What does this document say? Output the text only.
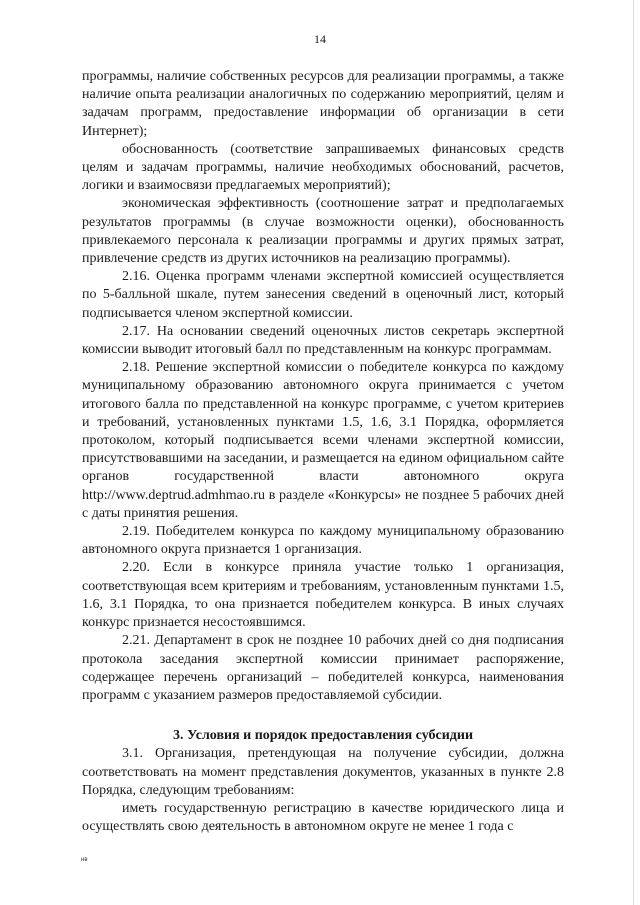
14

программы, наличие собственных ресурсов для реализации программы, а также наличие опыта реализации аналогичных по содержанию мероприятий, целям и задачам программ, предоставление информации об организации в сети Интернет);

обоснованность (соответствие запрашиваемых финансовых средств целям и задачам программы, наличие необходимых обоснований, расчетов, логики и взаимосвязи предлагаемых мероприятий);

экономическая эффективность (соотношение затрат и предполагаемых результатов программы (в случае возможности оценки), обоснованность привлекаемого персонала к реализации программы и других прямых затрат, привлечение средств из других источников на реализацию программы).

2.16. Оценка программ членами экспертной комиссией осуществляется по 5-балльной шкале, путем занесения сведений в оценочный лист, который подписывается членом экспертной комиссии.

2.17. На основании сведений оценочных листов секретарь экспертной комиссии выводит итоговый балл по представленным на конкурс программам.

2.18. Решение экспертной комиссии о победителе конкурса по каждому муниципальному образованию автономного округа принимается с учетом итогового балла по представленной на конкурс программе, с учетом критериев и требований, установленных пунктами 1.5, 1.6, 3.1 Порядка, оформляется протоколом, который подписывается всеми членами экспертной комиссии, присутствовавшими на заседании, и размещается на едином официальном сайте органов государственной власти автономного округа http://www.deptrud.admhmao.ru в разделе «Конкурсы» не позднее 5 рабочих дней с даты принятия решения.

2.19. Победителем конкурса по каждому муниципальному образованию автономного округа признается 1 организация.

2.20. Если в конкурсе приняла участие только 1 организация, соответствующая всем критериям и требованиям, установленным пунктами 1.5, 1.6, 3.1 Порядка, то она признается победителем конкурса. В иных случаях конкурс признается несостоявшимся.

2.21. Департамент в срок не позднее 10 рабочих дней со дня подписания протокола заседания экспертной комиссии принимает распоряжение, содержащее перечень организаций – победителей конкурса, наименования программ с указанием размеров предоставляемой субсидии.

3. Условия и порядок предоставления субсидии

3.1. Организация, претендующая на получение субсидии, должна соответствовать на момент представления документов, указанных в пункте 2.8 Порядка, следующим требованиям:

иметь государственную регистрацию в качестве юридического лица и осуществлять свою деятельность в автономном округе не менее 1 года с

нв
